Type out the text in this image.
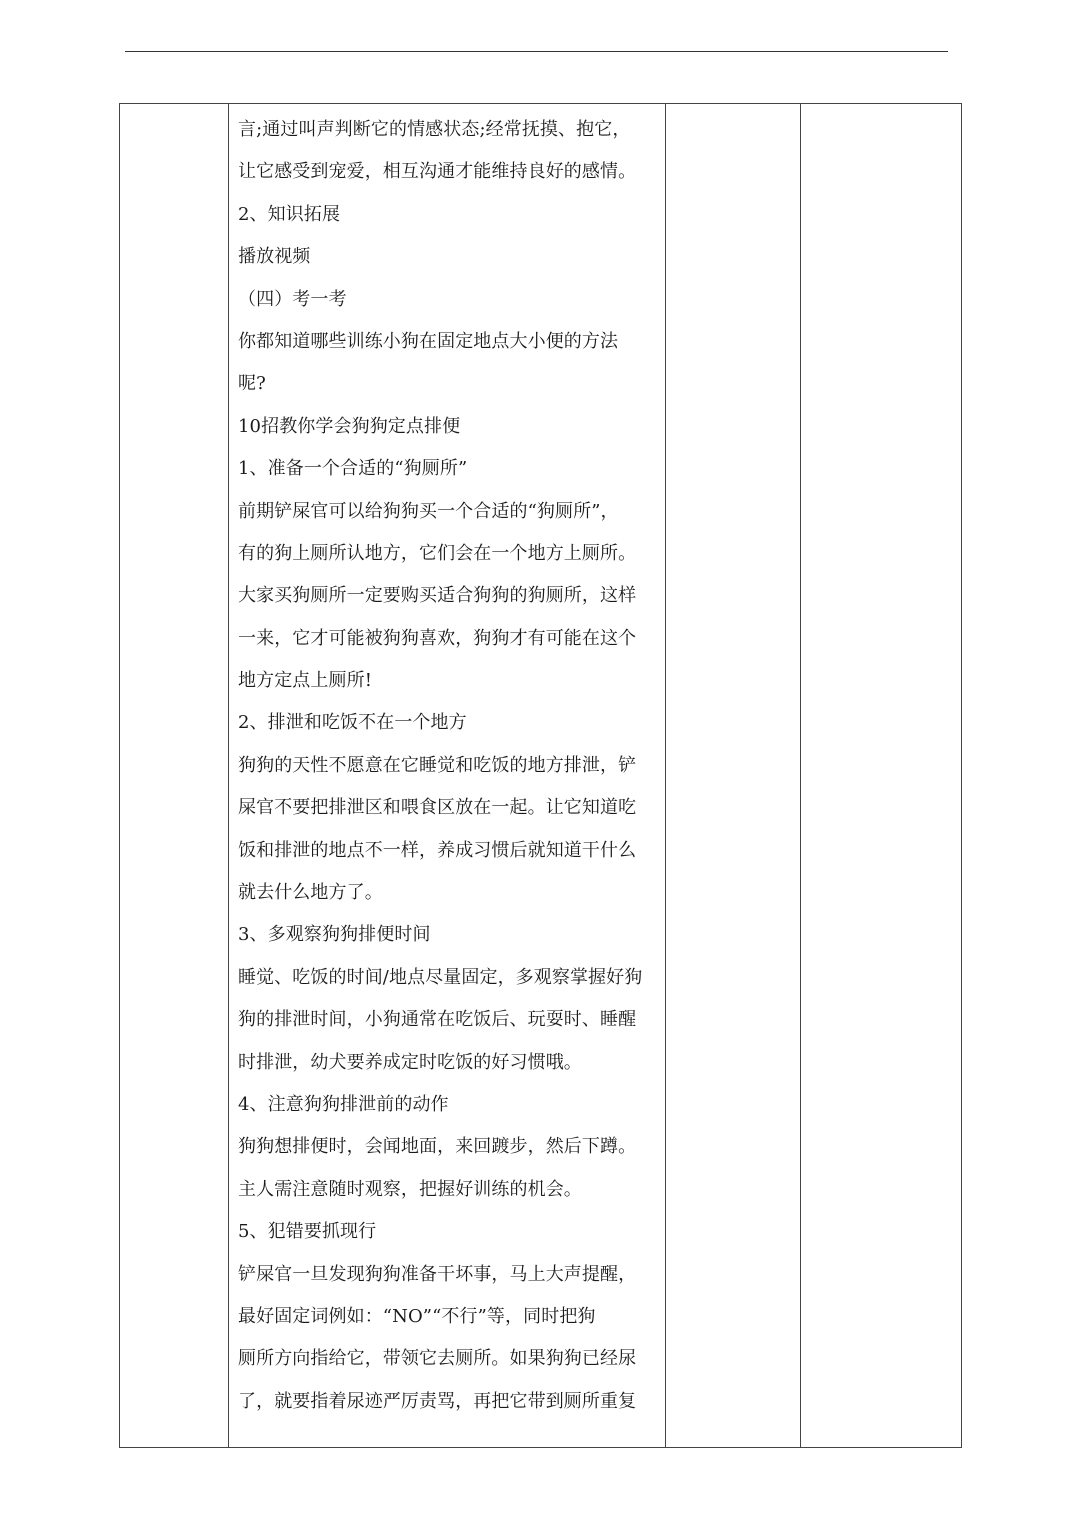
言;通过叫声判断它的情感状态;经常抚摸、抱它，
让它感受到宠爱，相互沟通才能维持良好的感情。
2、知识拓展
播放视频
（四）考一考
你都知道哪些训练小狗在固定地点大小便的方法
呢?
10招教你学会狗狗定点排便
1、准备一个合适的“狗厕所”
前期铲屎官可以给狗狗买一个合适的“狗厕所”，
有的狗上厕所认地方，它们会在一个地方上厕所。
大家买狗厕所一定要购买适合狗狗的狗厕所，这样
一来，它才可能被狗狗喜欢，狗狗才有可能在这个
地方定点上厕所!
2、排泄和吃饭不在一个地方
狗狗的天性不愿意在它睡觉和吃饭的地方排泄，铲
屎官不要把排泄区和喂食区放在一起。让它知道吃
饭和排泄的地点不一样，养成习惯后就知道干什么
就去什么地方了。
3、多观察狗狗排便时间
睡觉、吃饭的时间/地点尽量固定，多观察掌握好狗
狗的排泄时间，小狗通常在吃饭后、玩耍时、睡醒
时排泄，幼犬要养成定时吃饭的好习惯哦。
4、注意狗狗排泄前的动作
狗狗想排便时，会闻地面，来回踱步，然后下蹲。
主人需注意随时观察，把握好训练的机会。
5、犯错要抓现行
铲屎官一旦发现狗狗准备干坏事，马上大声提醒，
最好固定词例如：“NO”“不行”等，同时把狗
厕所方向指给它，带领它去厕所。如果狗狗已经尿
了，就要指着尿迹严厉责骂，再把它带到厕所重复
